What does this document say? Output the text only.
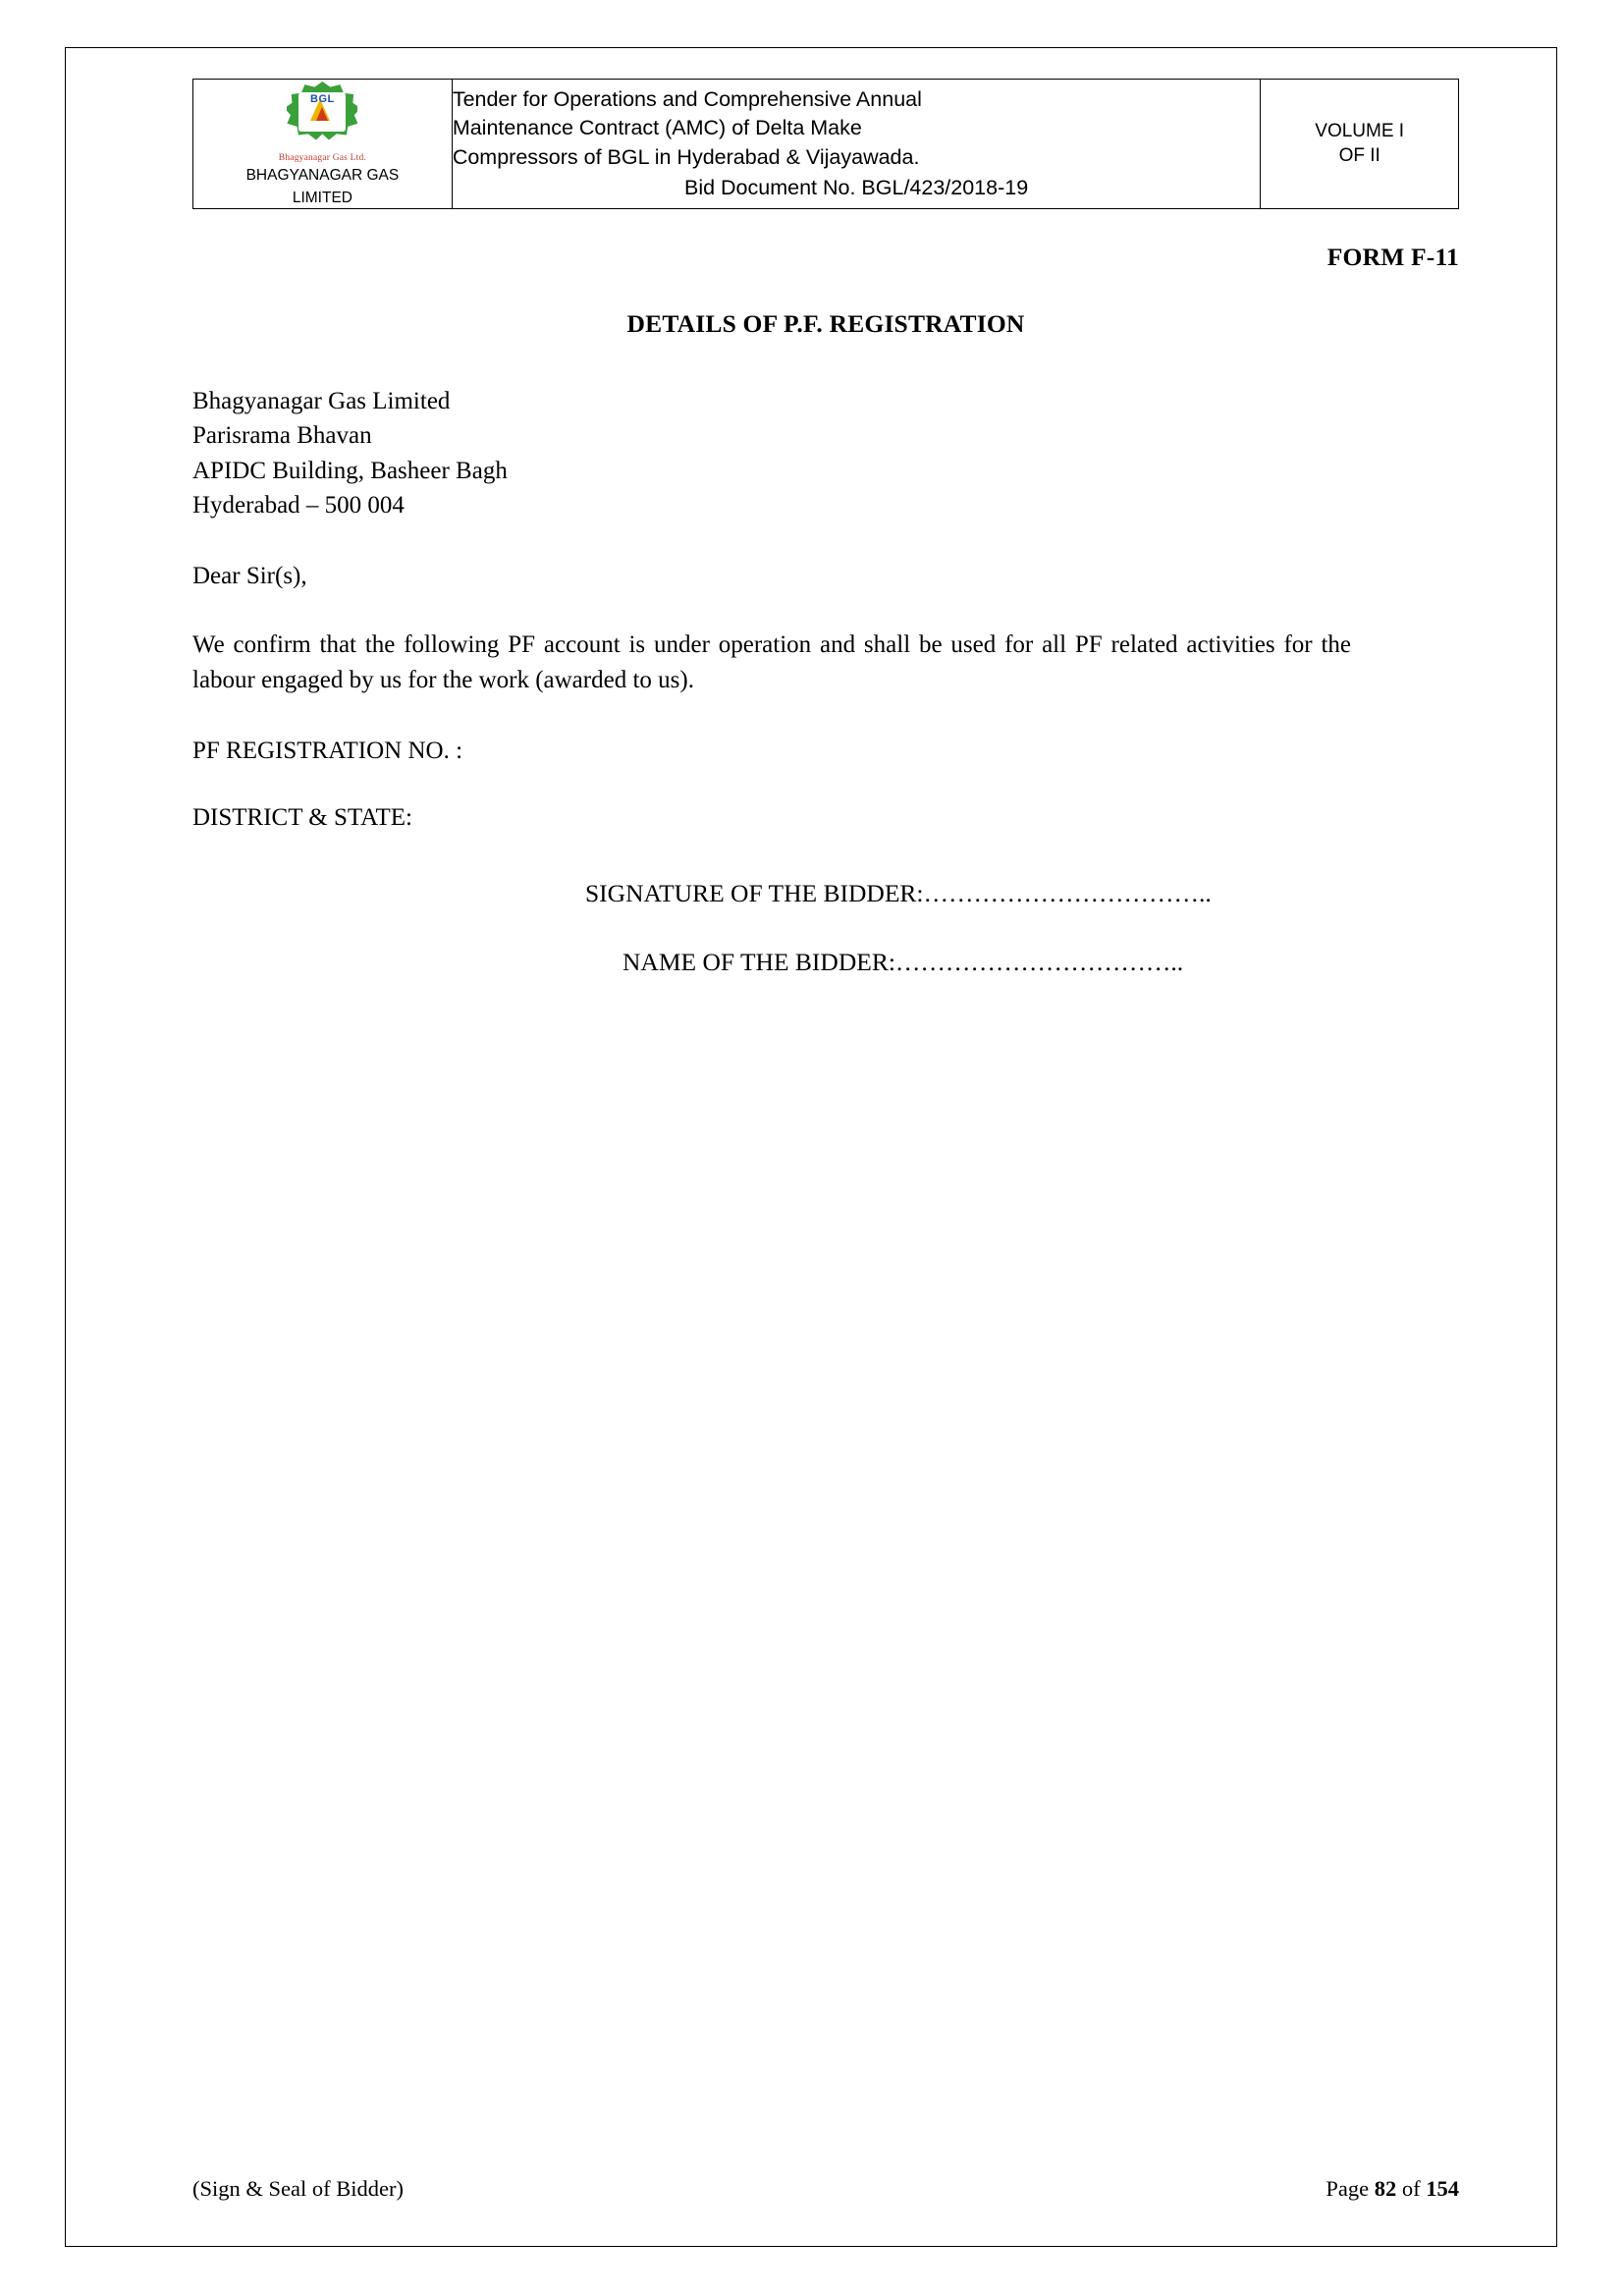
BGL
Bhagyanagar Gas Ltd.
BHAGYANAGAR GAS
LIMITED

Tender for Operations and Comprehensive Annual
Maintenance Contract (AMC) of Delta Make
Compressors of BGL in Hyderabad & Vijayawada.
Bid Document No. BGL/423/2018-19

VOLUME I
OF II
FORM F-11
DETAILS OF P.F. REGISTRATION
Bhagyanagar Gas Limited
Parisrama Bhavan
APIDC Building, Basheer Bagh
Hyderabad – 500 004
Dear Sir(s),
We confirm that the following PF account is under operation and shall be used for all PF related activities for the labour engaged by us for the work (awarded to us).
PF REGISTRATION NO. :
DISTRICT & STATE:
SIGNATURE OF THE BIDDER:……………………………..
NAME OF THE BIDDER:……………………………..
(Sign & Seal of Bidder)	Page 82 of 154
